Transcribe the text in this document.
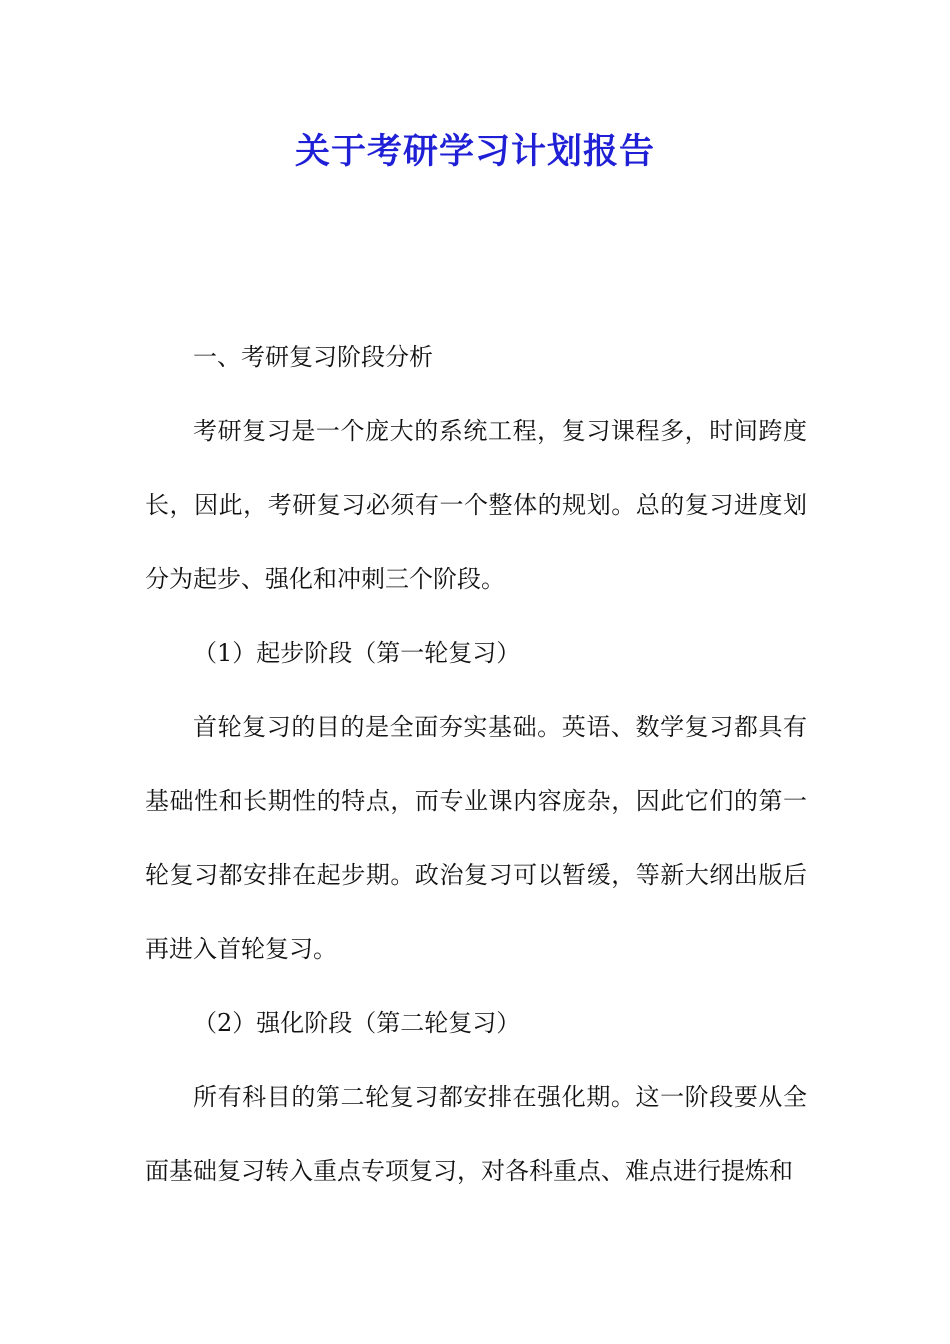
关于考研学习计划报告

一、考研复习阶段分析

考研复习是一个庞大的系统工程，复习课程多，时间跨度长，因此，考研复习必须有一个整体的规划。总的复习进度划分为起步、强化和冲刺三个阶段。

（1）起步阶段（第一轮复习）

首轮复习的目的是全面夯实基础。英语、数学复习都具有基础性和长期性的特点，而专业课内容庞杂，因此它们的第一轮复习都安排在起步期。政治复习可以暂缓，等新大纲出版后再进入首轮复习。

（2）强化阶段（第二轮复习）

所有科目的第二轮复习都安排在强化期。这一阶段要从全面基础复习转入重点专项复习，对各科重点、难点进行提炼和
